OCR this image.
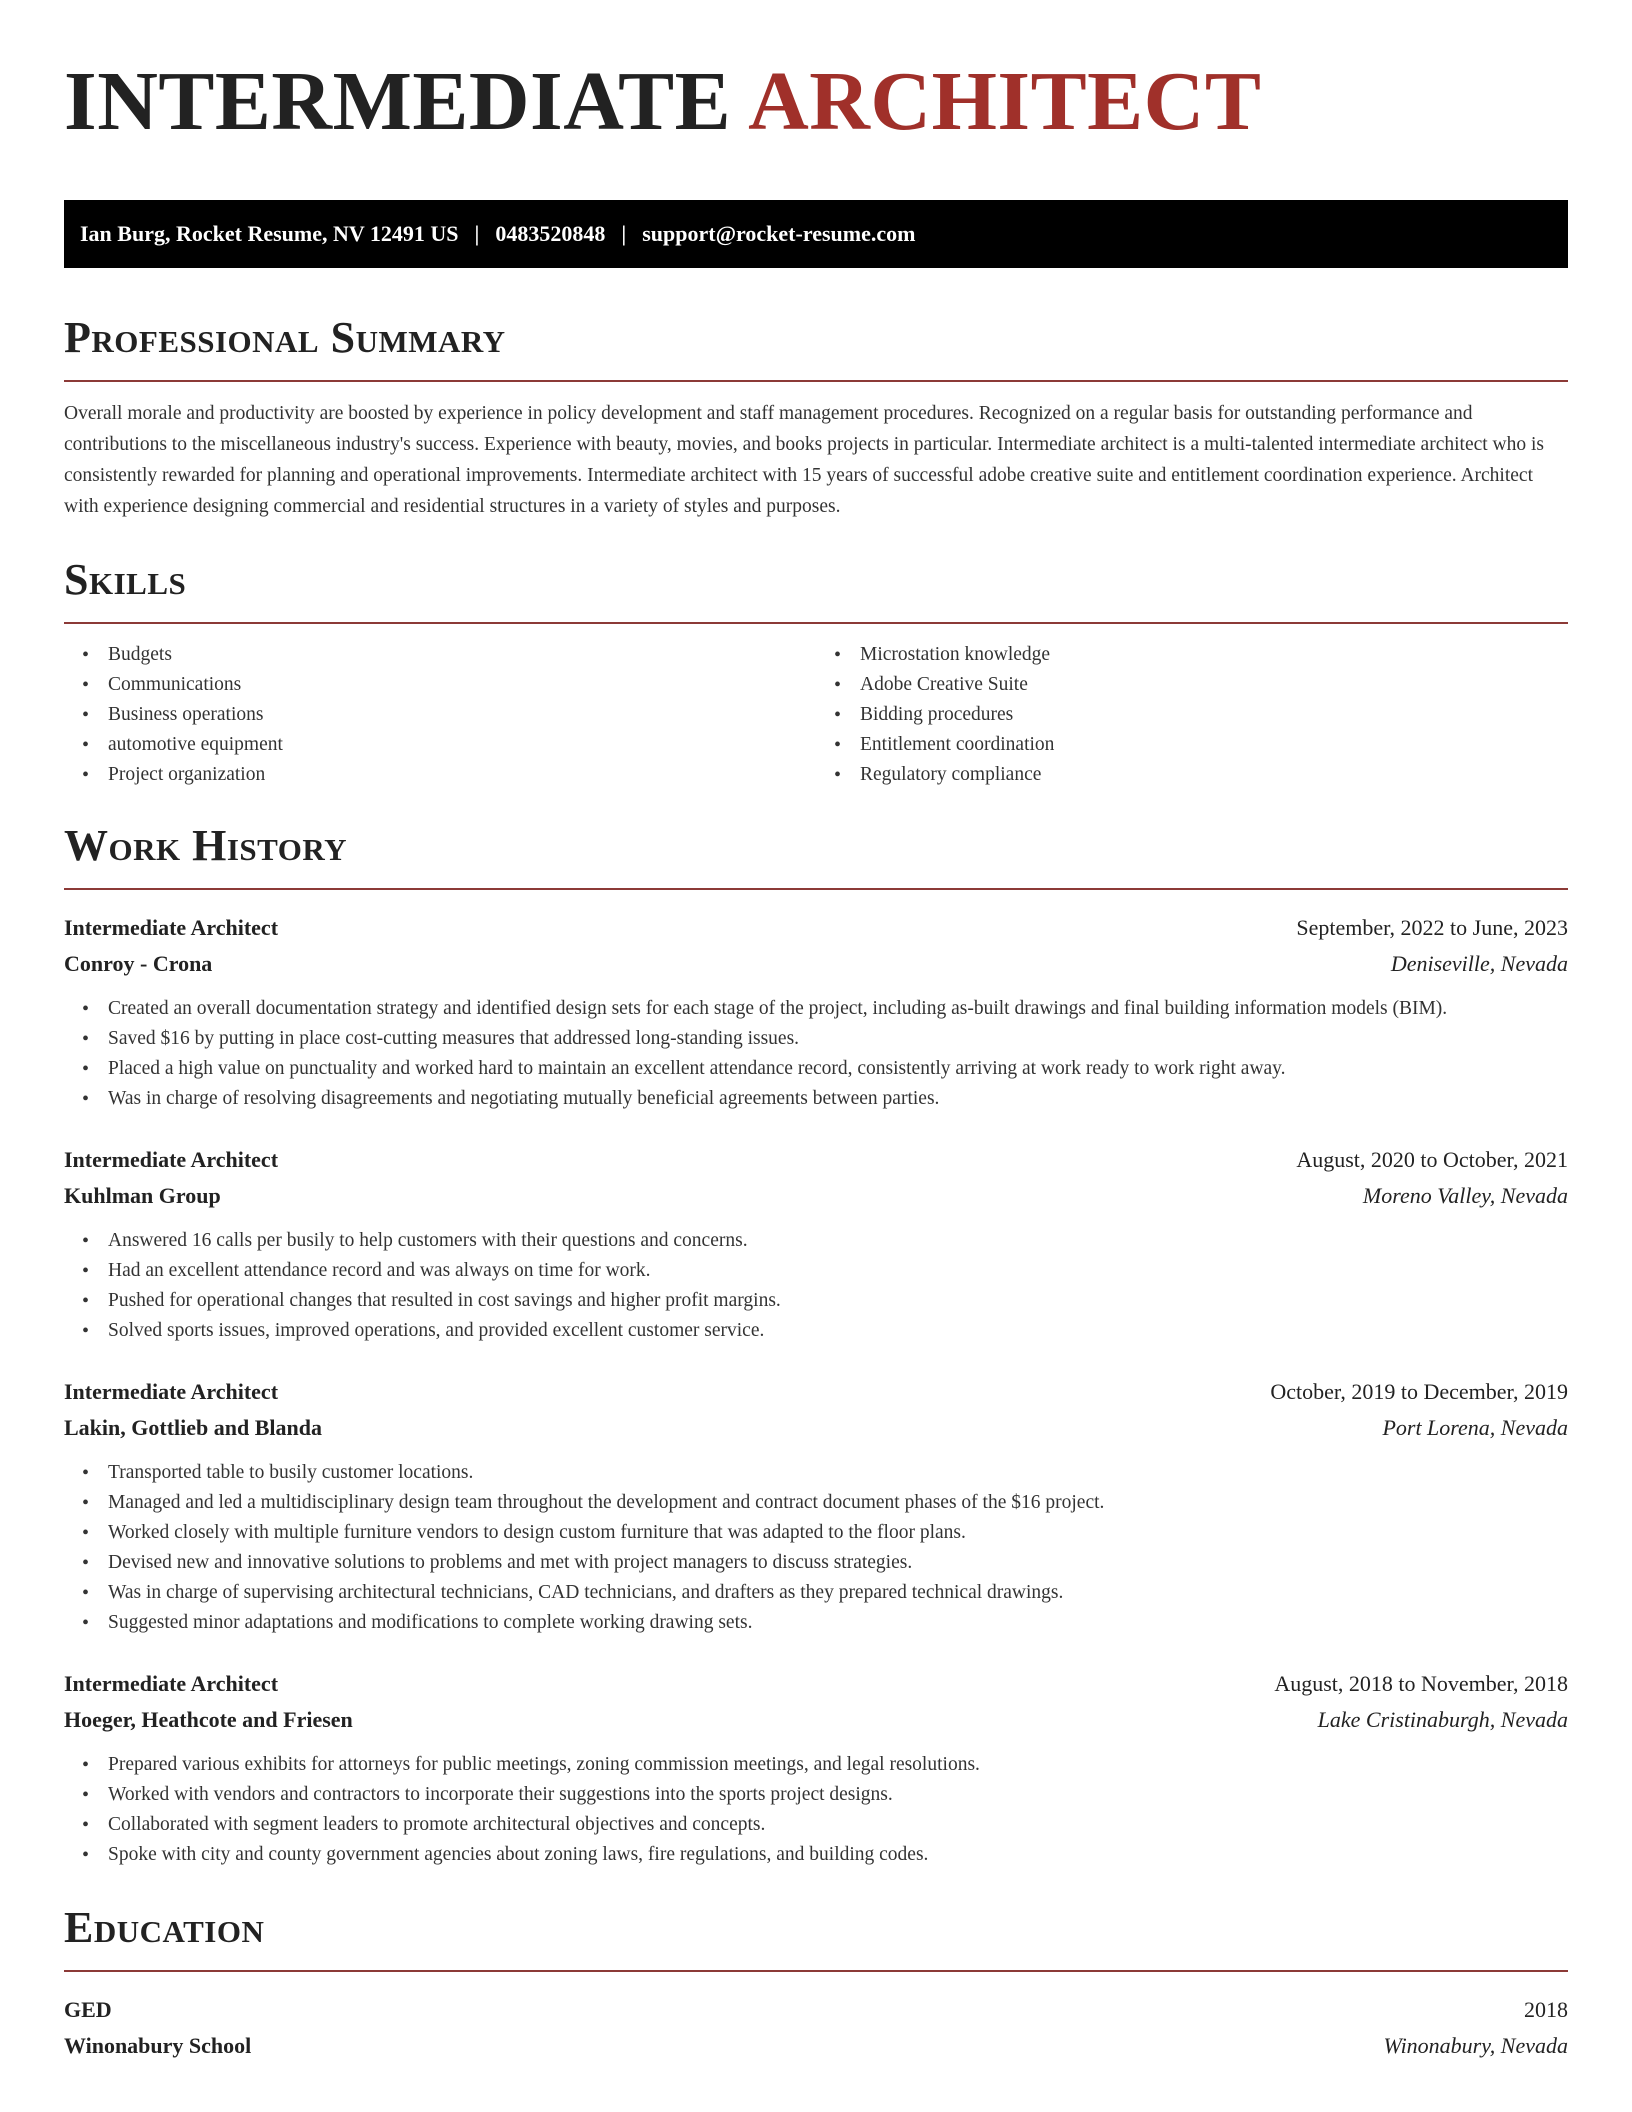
INTERMEDIATE ARCHITECT
Ian Burg, Rocket Resume, NV 12491 US | 0483520848 | support@rocket-resume.com
Professional Summary
Overall morale and productivity are boosted by experience in policy development and staff management procedures. Recognized on a regular basis for outstanding performance and contributions to the miscellaneous industry's success. Experience with beauty, movies, and books projects in particular. Intermediate architect is a multi-talented intermediate architect who is consistently rewarded for planning and operational improvements. Intermediate architect with 15 years of successful adobe creative suite and entitlement coordination experience. Architect with experience designing commercial and residential structures in a variety of styles and purposes.
Skills
• Budgets
• Communications
• Business operations
• automotive equipment
• Project organization
• Microstation knowledge
• Adobe Creative Suite
• Bidding procedures
• Entitlement coordination
• Regulatory compliance
Work History
Intermediate Architect	September, 2022 to June, 2023
Conroy - Crona	Deniseville, Nevada
• Created an overall documentation strategy and identified design sets for each stage of the project, including as-built drawings and final building information models (BIM).
• Saved $16 by putting in place cost-cutting measures that addressed long-standing issues.
• Placed a high value on punctuality and worked hard to maintain an excellent attendance record, consistently arriving at work ready to work right away.
• Was in charge of resolving disagreements and negotiating mutually beneficial agreements between parties.
Intermediate Architect	August, 2020 to October, 2021
Kuhlman Group	Moreno Valley, Nevada
• Answered 16 calls per busily to help customers with their questions and concerns.
• Had an excellent attendance record and was always on time for work.
• Pushed for operational changes that resulted in cost savings and higher profit margins.
• Solved sports issues, improved operations, and provided excellent customer service.
Intermediate Architect	October, 2019 to December, 2019
Lakin, Gottlieb and Blanda	Port Lorena, Nevada
• Transported table to busily customer locations.
• Managed and led a multidisciplinary design team throughout the development and contract document phases of the $16 project.
• Worked closely with multiple furniture vendors to design custom furniture that was adapted to the floor plans.
• Devised new and innovative solutions to problems and met with project managers to discuss strategies.
• Was in charge of supervising architectural technicians, CAD technicians, and drafters as they prepared technical drawings.
• Suggested minor adaptations and modifications to complete working drawing sets.
Intermediate Architect	August, 2018 to November, 2018
Hoeger, Heathcote and Friesen	Lake Cristinaburgh, Nevada
• Prepared various exhibits for attorneys for public meetings, zoning commission meetings, and legal resolutions.
• Worked with vendors and contractors to incorporate their suggestions into the sports project designs.
• Collaborated with segment leaders to promote architectural objectives and concepts.
• Spoke with city and county government agencies about zoning laws, fire regulations, and building codes.
Education
GED	2018
Winonabury School	Winonabury, Nevada
